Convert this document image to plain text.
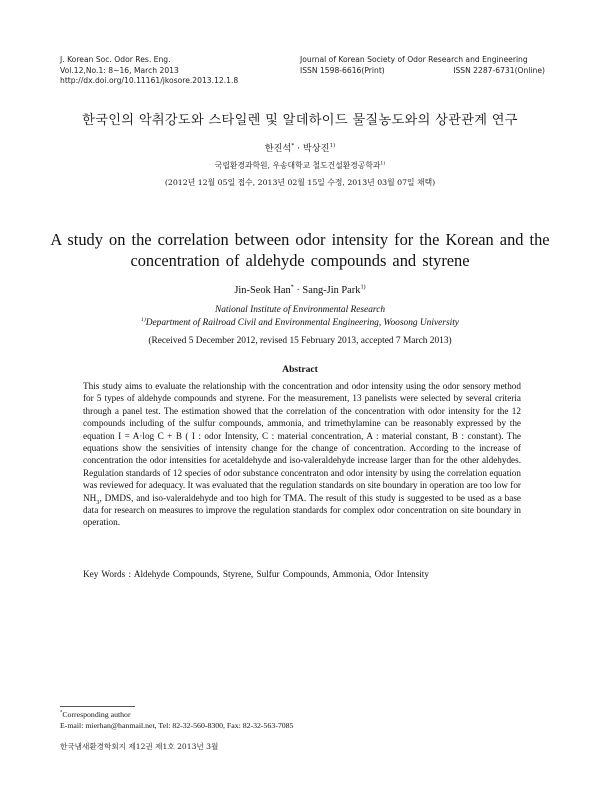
J. Korean Soc. Odor Res. Eng.
Vol.12,No.1: 8~16, March 2013
http://dx.doi.org/10.11161/jkosore.2013.12.1.8
Journal of Korean Society of Odor Research and Engineering
ISSN 1598-6616(Print)	ISSN 2287-6731(Online)
한국인의 악취강도와 스타일렌 및 알데하이드 물질농도와의 상관관계 연구
한진석* · 박상진$^{1)}$
국립환경과학원, 우송대학교 철도건설환경공학과$^{1)}$
(2012년 12월 05일 접수, 2013년 02월 15일 수정, 2013년 03월 07일 채택)
A study on the correlation between odor intensity for the Korean and the concentration of aldehyde compounds and styrene
Jin-Seok Han* · Sang-Jin Park$^{1)}$
National Institute of Environmental Research
$^{1)}$Department of Railroad Civil and Environmental Engineering, Woosong University
(Received 5 December 2012, revised 15 February 2013, accepted 7 March 2013)
Abstract
This study aims to evaluate the relationship with the concentration and odor intensity using the odor sensory method for 5 types of aldehyde compounds and styrene. For the measurement, 13 panelists were selected by several criteria through a panel test. The estimation showed that the correlation of the concentration with odor intensity for the 12 compounds including of the sulfur compounds, ammonia, and trimethylamine can be reasonably expressed by the equation I = A·log C + B ( I : odor Intensity, C : material concentration, A : material constant, B : constant). The equations show the sensivities of intensity change for the change of concentration. According to the increase of concentration the odor intensities for acetaldehyde and iso-valeraldehyde increase larger than for the other aldehydes. Regulation standards of 12 species of odor substance concentraton and odor intensity by using the correlation equation was reviewed for adequacy. It was evaluated that the regulation standards on site boundary in operation are too low for $NH_3$, DMDS, and iso-valeraldehyde and too high for TMA. The result of this study is suggested to be used as a base data for research on measures to improve the regulation standards for complex odor concentration on site boundary in operation.
Key Words : Aldehyde Compounds, Styrene, Sulfur Compounds, Ammonia, Odor Intensity
*Corresponding author
E-mail: mierhan@hanmail.net, Tel: 82-32-560-8300, Fax: 82-32-563-7085
한국냄새환경학회지 제12권 제1호 2013년 3월
